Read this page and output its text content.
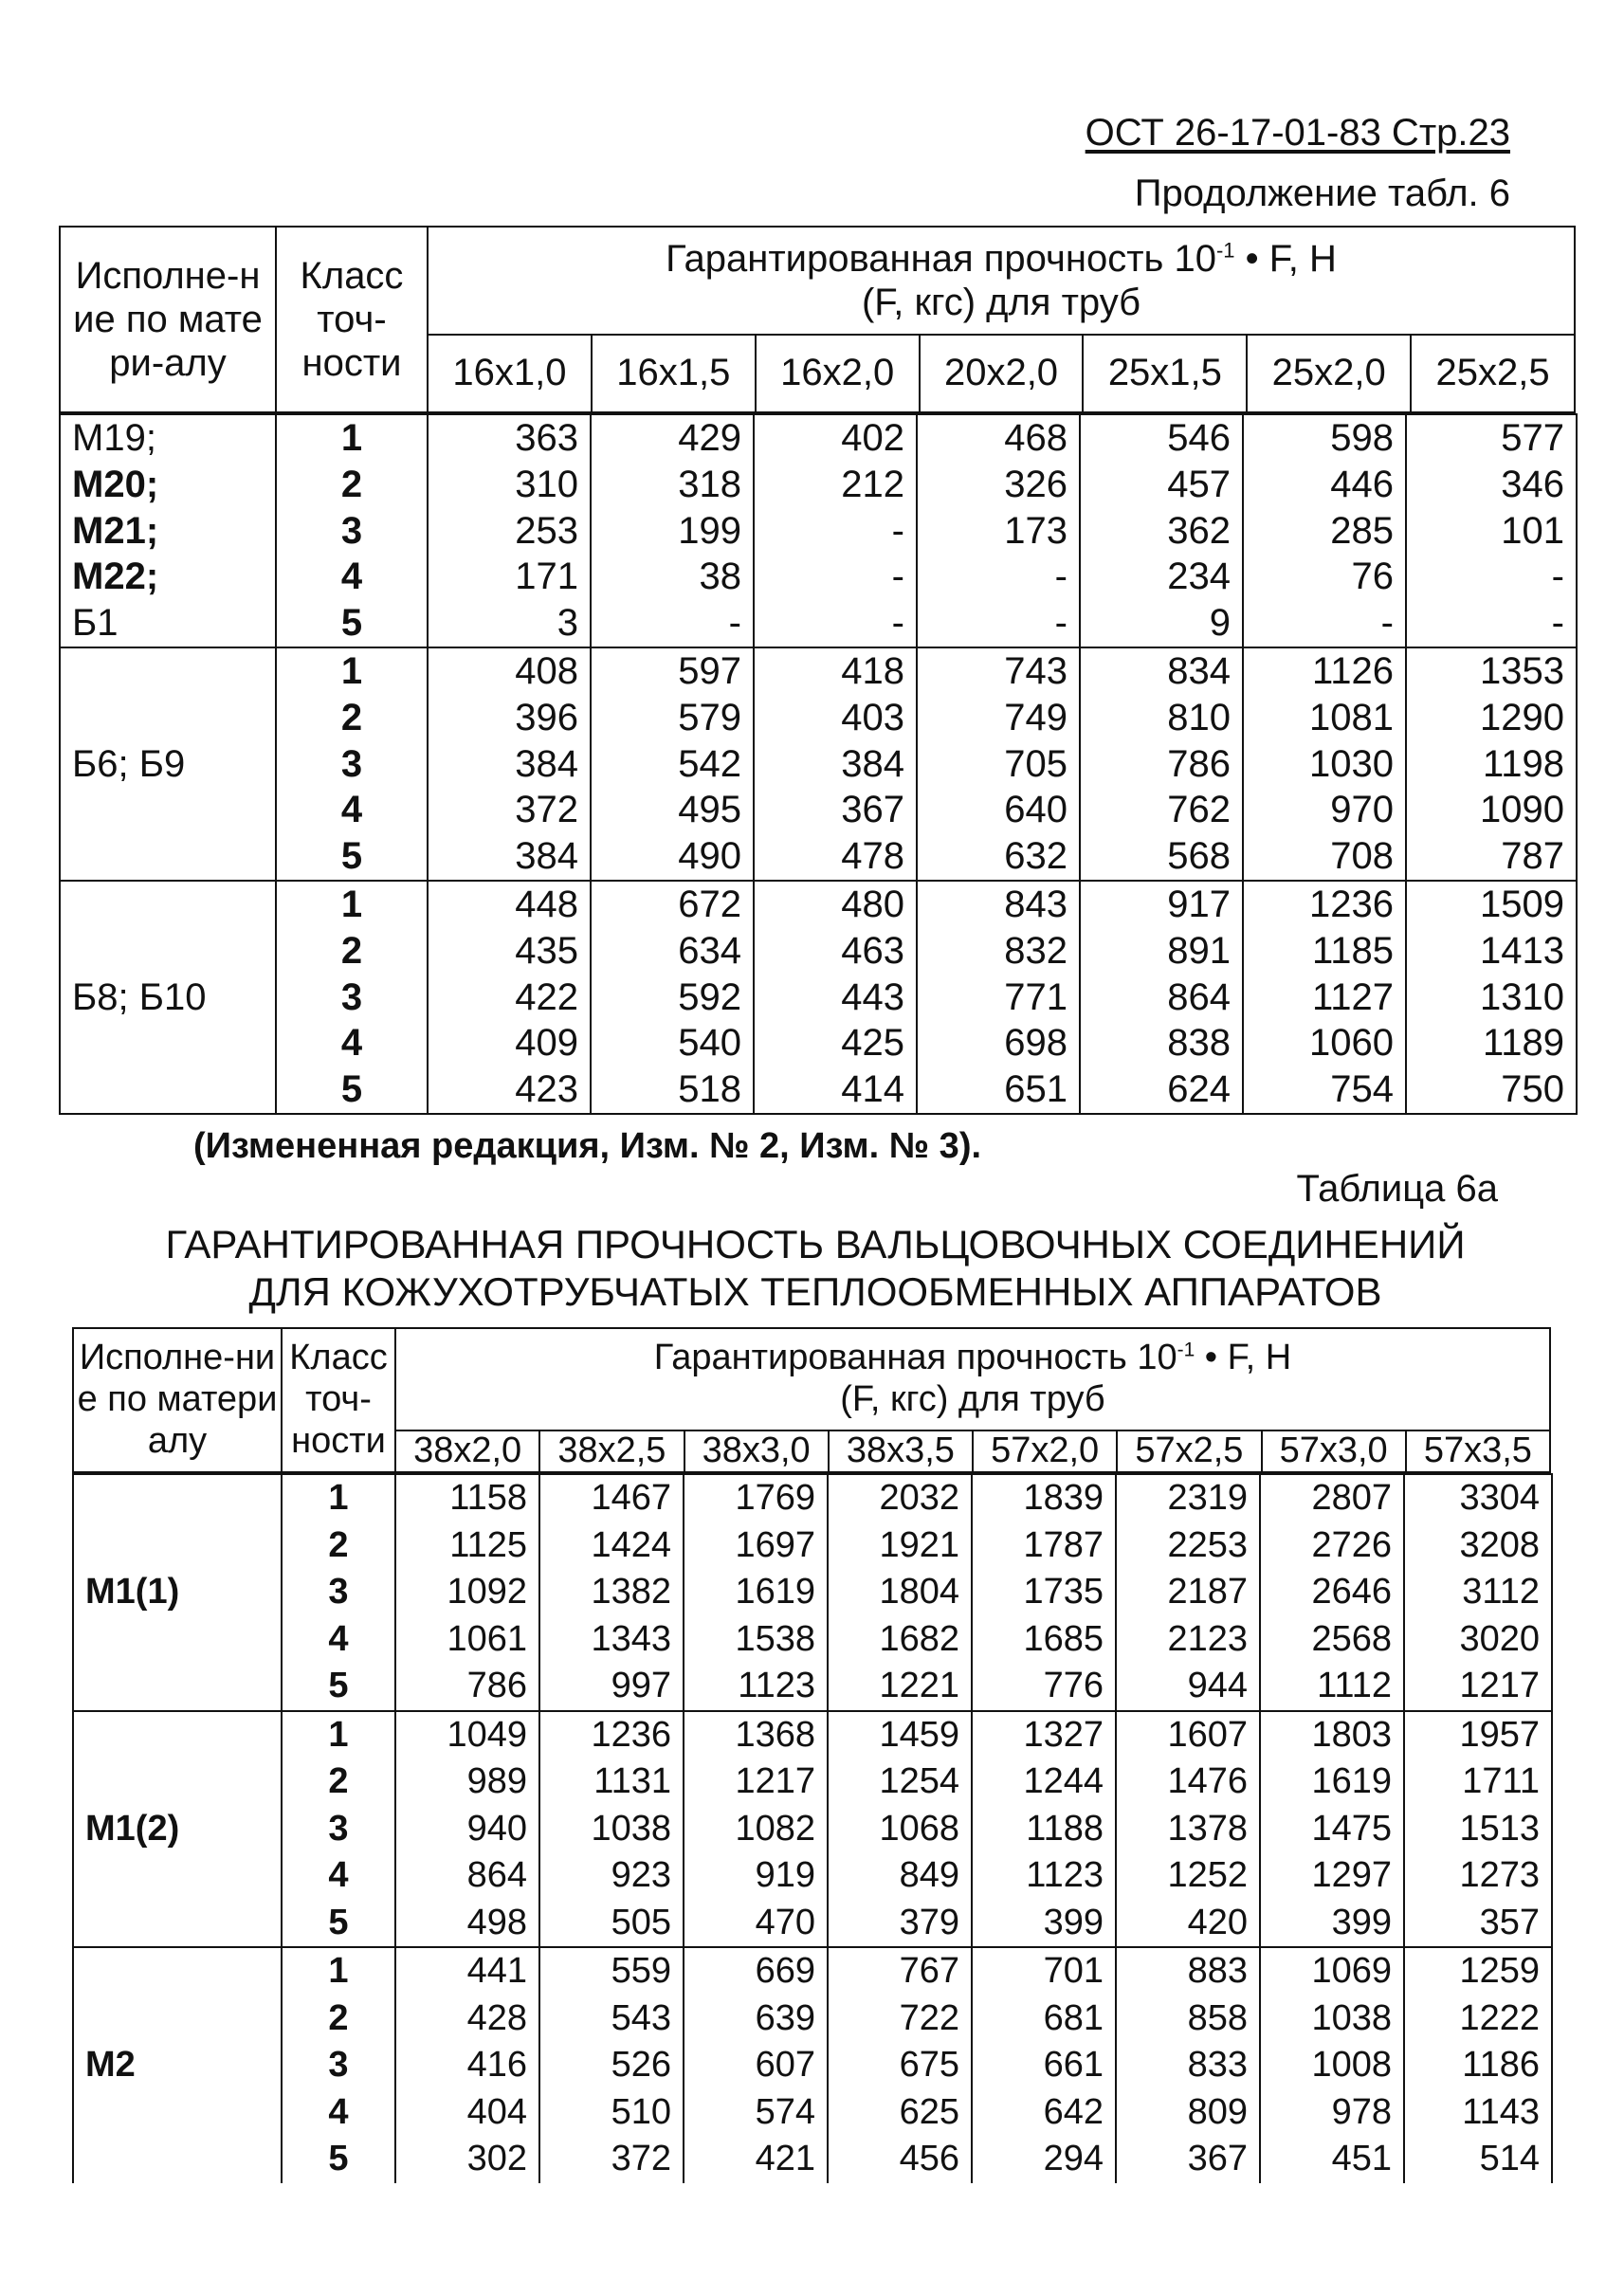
ОСТ 26-17-01-83 Стр.23
Продолжение табл. 6
Исполне-ние по матери-алу
Класс точ-ности
Гарантированная прочность $10^{-1}$ • F, Н
(F, кгс) для труб
16х1,0	16х1,5	16х2,0	20х2,0	25х1,5	25х2,0	25х2,5
М19;	1	363	429	402	468	546	598	577
М20;	2	310	318	212	326	457	446	346
М21;	3	253	199	-	173	362	285	101
М22;	4	171	38	-	-	234	76	-
Б1	5	3	-	-	-	9	-	-
Б6; Б9	1	408	597	418	743	834	1126	1353
	2	396	579	403	749	810	1081	1290
	3	384	542	384	705	786	1030	1198
	4	372	495	367	640	762	970	1090
	5	384	490	478	632	568	708	787
Б8; Б10	1	448	672	480	843	917	1236	1509
	2	435	634	463	832	891	1185	1413
	3	422	592	443	771	864	1127	1310
	4	409	540	425	698	838	1060	1189
	5	423	518	414	651	624	754	750
(Измененная редакция, Изм. № 2, Изм. № 3).
Таблица 6а
ГАРАНТИРОВАННАЯ ПРОЧНОСТЬ ВАЛЬЦОВОЧНЫХ СОЕДИНЕНИЙ
ДЛЯ КОЖУХОТРУБЧАТЫХ ТЕПЛООБМЕННЫХ АППАРАТОВ
Исполне-ние по материалу
Класс точ-ности
Гарантированная прочность $10^{-1}$ • F, Н
(F, кгс) для труб
38х2,0	38х2,5	38х3,0	38х3,5	57х2,0	57х2,5	57х3,0	57х3,5
М1(1)	1	1158	1467	1769	2032	1839	2319	2807	3304
	2	1125	1424	1697	1921	1787	2253	2726	3208
	3	1092	1382	1619	1804	1735	2187	2646	3112
	4	1061	1343	1538	1682	1685	2123	2568	3020
	5	786	997	1123	1221	776	944	1112	1217
М1(2)	1	1049	1236	1368	1459	1327	1607	1803	1957
	2	989	1131	1217	1254	1244	1476	1619	1711
	3	940	1038	1082	1068	1188	1378	1475	1513
	4	864	923	919	849	1123	1252	1297	1273
	5	498	505	470	379	399	420	399	357
М2	1	441	559	669	767	701	883	1069	1259
	2	428	543	639	722	681	858	1038	1222
	3	416	526	607	675	661	833	1008	1186
	4	404	510	574	625	642	809	978	1143
	5	302	372	421	456	294	367	451	514
